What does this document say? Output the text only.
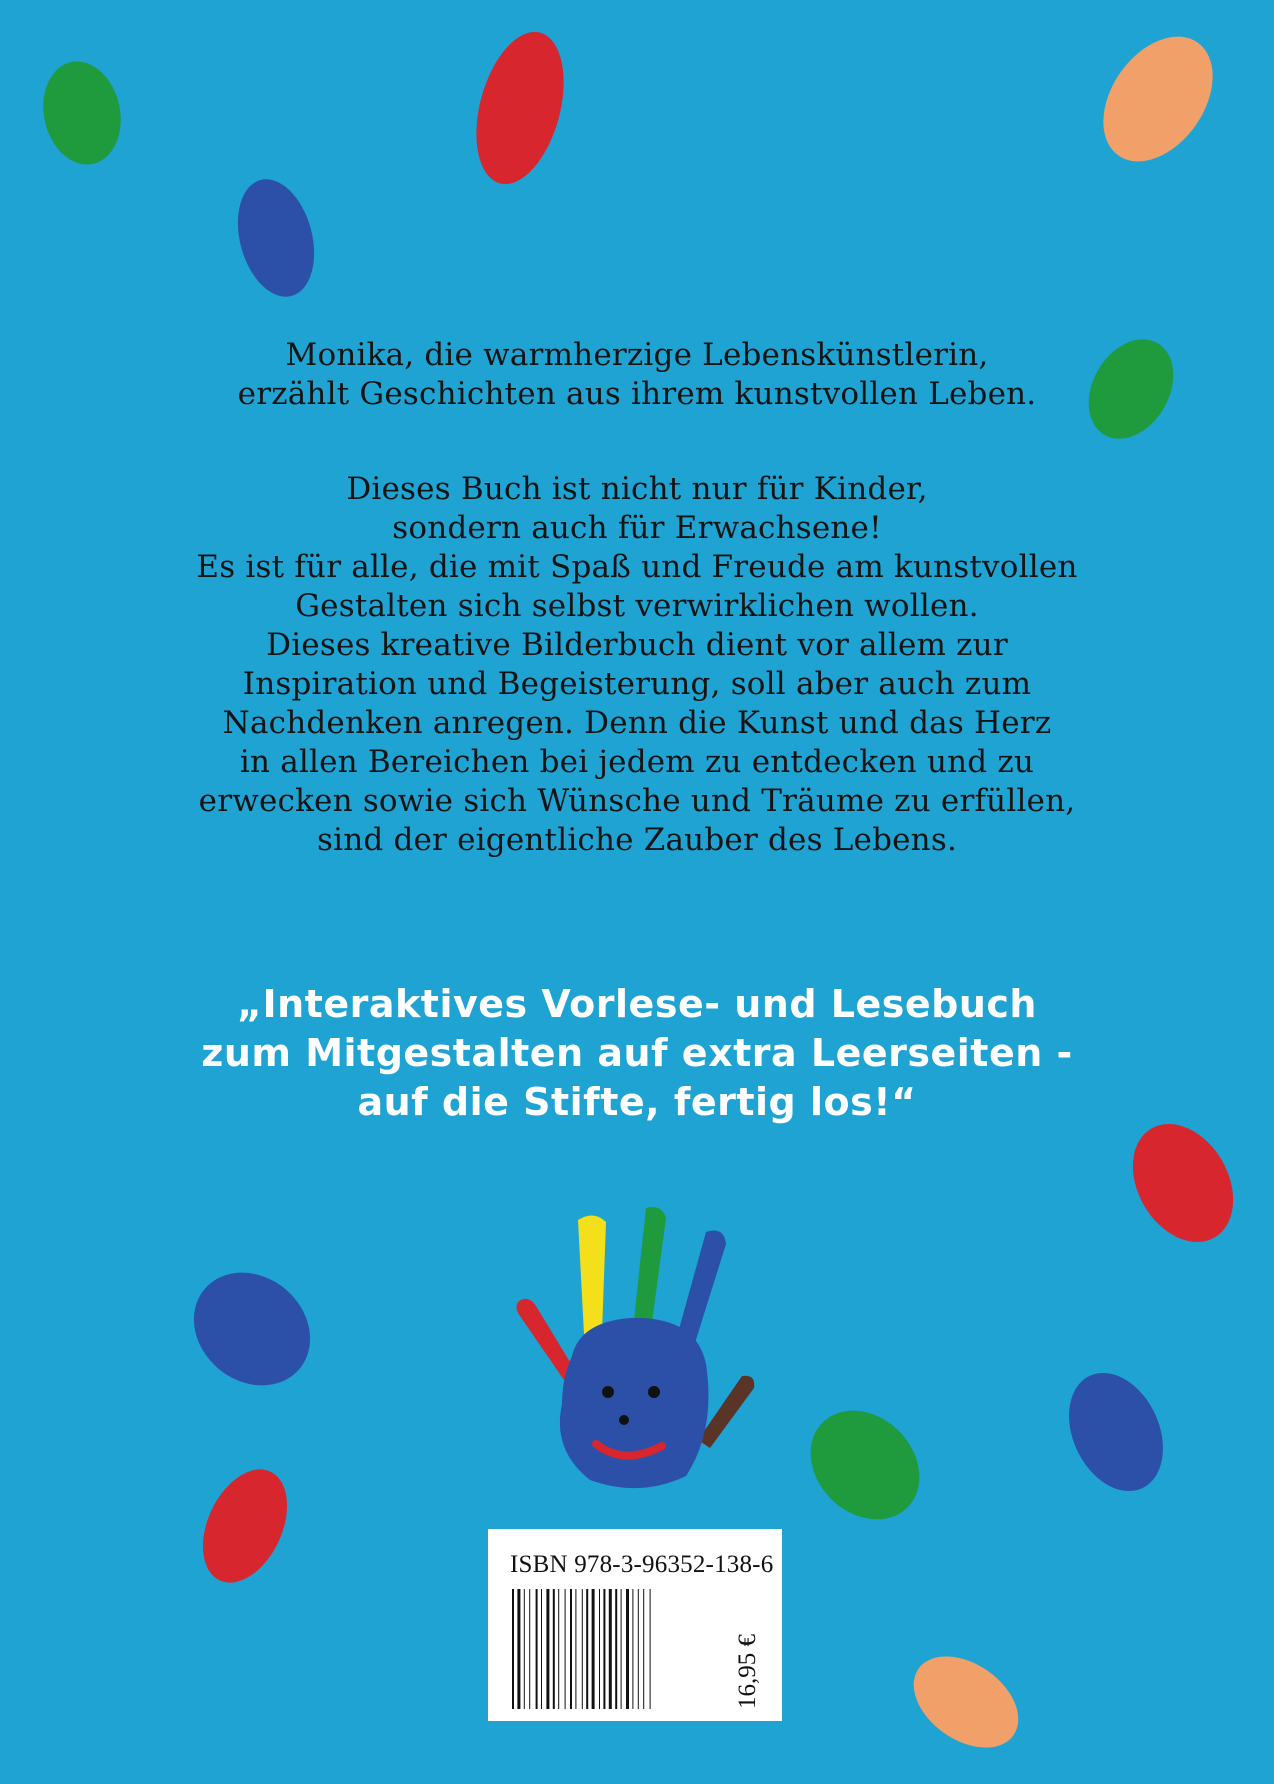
Monika, die warmherzige Lebenskünstlerin,
erzählt Geschichten aus ihrem kunstvollen Leben.
Dieses Buch ist nicht nur für Kinder,
sondern auch für Erwachsene!
Es ist für alle, die mit Spaß und Freude am kunstvollen
Gestalten sich selbst verwirklichen wollen.
Dieses kreative Bilderbuch dient vor allem zur
Inspiration und Begeisterung, soll aber auch zum
Nachdenken anregen. Denn die Kunst und das Herz
in allen Bereichen bei jedem zu entdecken und zu
erwecken sowie sich Wünsche und Träume zu erfüllen,
sind der eigentliche Zauber des Lebens.
„Interaktives Vorlese- und Lesebuch
zum Mitgestalten auf extra Leerseiten -
auf die Stifte, fertig los!“
ISBN 978-3-96352-138-6
16,95 €
